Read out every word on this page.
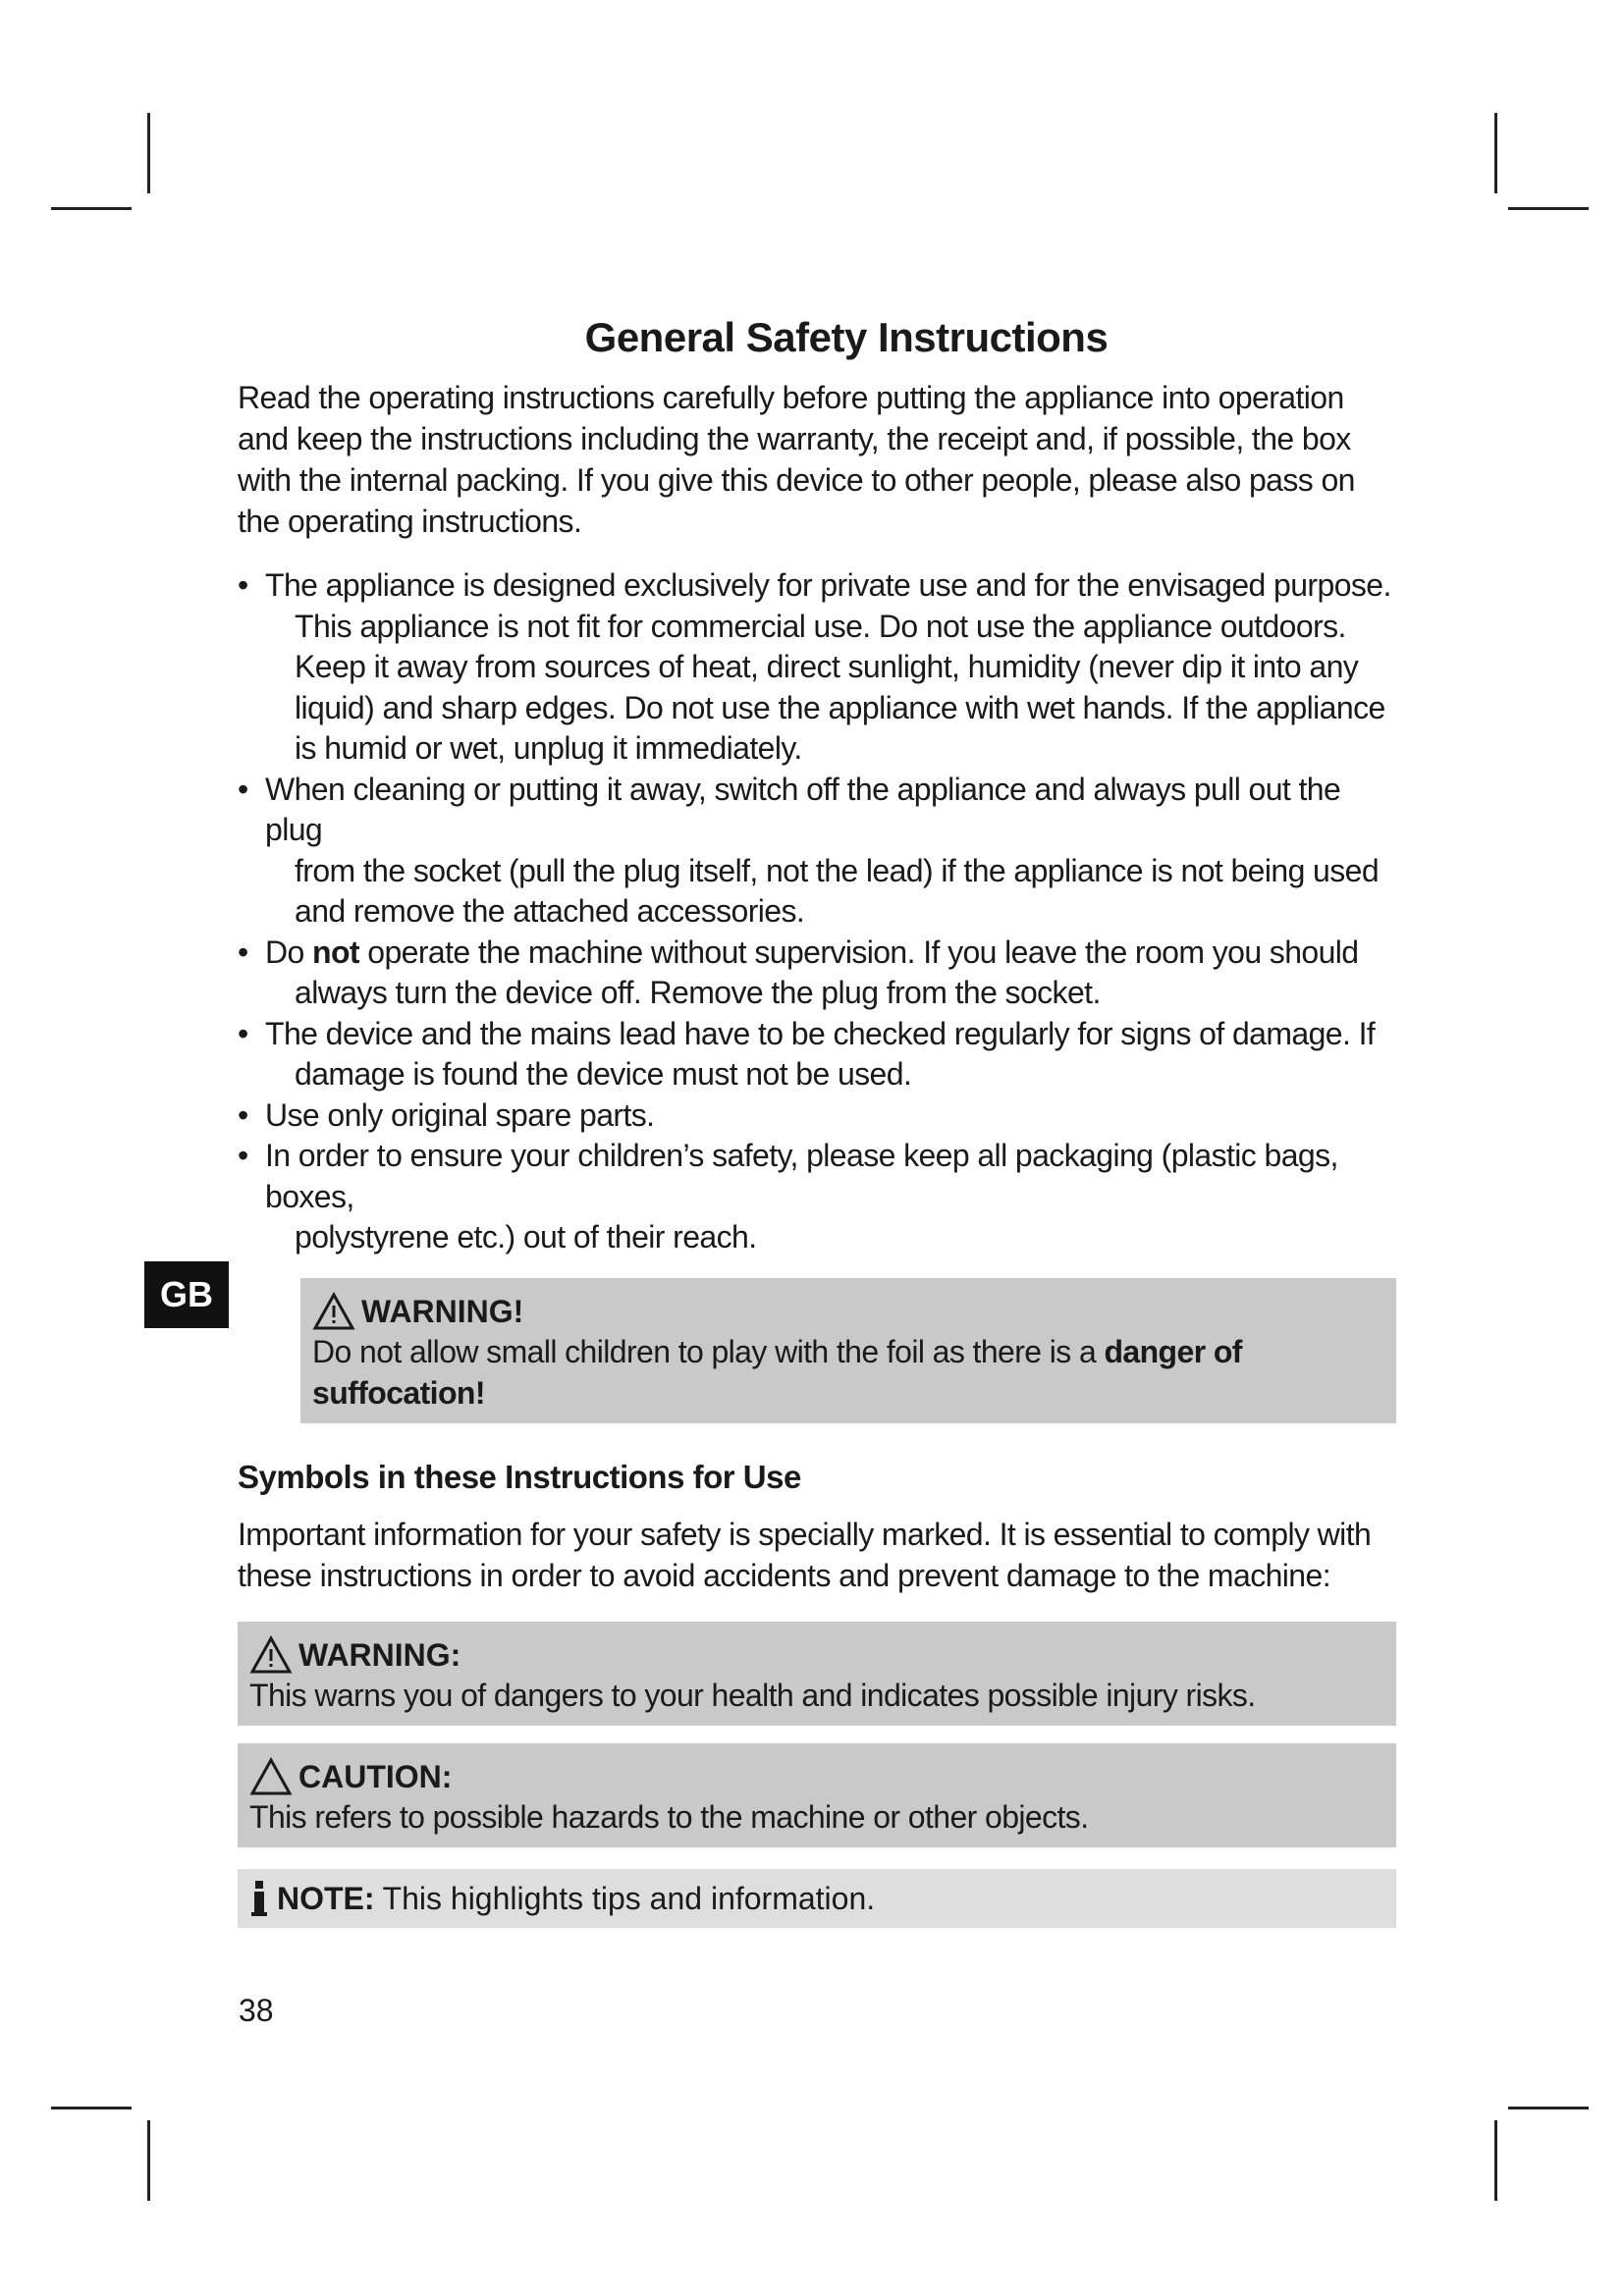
GB
General Safety Instructions

Read the operating instructions carefully before putting the appliance into operation and keep the instructions including the warranty, the receipt and, if possible, the box with the internal packing. If you give this device to other people, please also pass on the operating instructions.

• The appliance is designed exclusively for private use and for the envisaged purpose.
This appliance is not fit for commercial use. Do not use the appliance outdoors. Keep it away from sources of heat, direct sunlight, humidity (never dip it into any liquid) and sharp edges. Do not use the appliance with wet hands. If the appliance is humid or wet, unplug it immediately.
• When cleaning or putting it away, switch off the appliance and always pull out the plug
from the socket (pull the plug itself, not the lead) if the appliance is not being used and remove the attached accessories.
• Do not operate the machine without supervision. If you leave the room you should
always turn the device off. Remove the plug from the socket.
• The device and the mains lead have to be checked regularly for signs of damage. If
damage is found the device must not be used.
• Use only original spare parts.
• In order to ensure your children’s safety, please keep all packaging (plastic bags, boxes,
polystyrene etc.) out of their reach.
WARNING!
Do not allow small children to play with the foil as there is a danger of suffocation!
Symbols in these Instructions for Use

Important information for your safety is specially marked. It is essential to comply with these instructions in order to avoid accidents and prevent damage to the machine:

WARNING:
This warns you of dangers to your health and indicates possible injury risks.
CAUTION:
This refers to possible hazards to the machine or other objects.
NOTE: This highlights tips and information.
38
